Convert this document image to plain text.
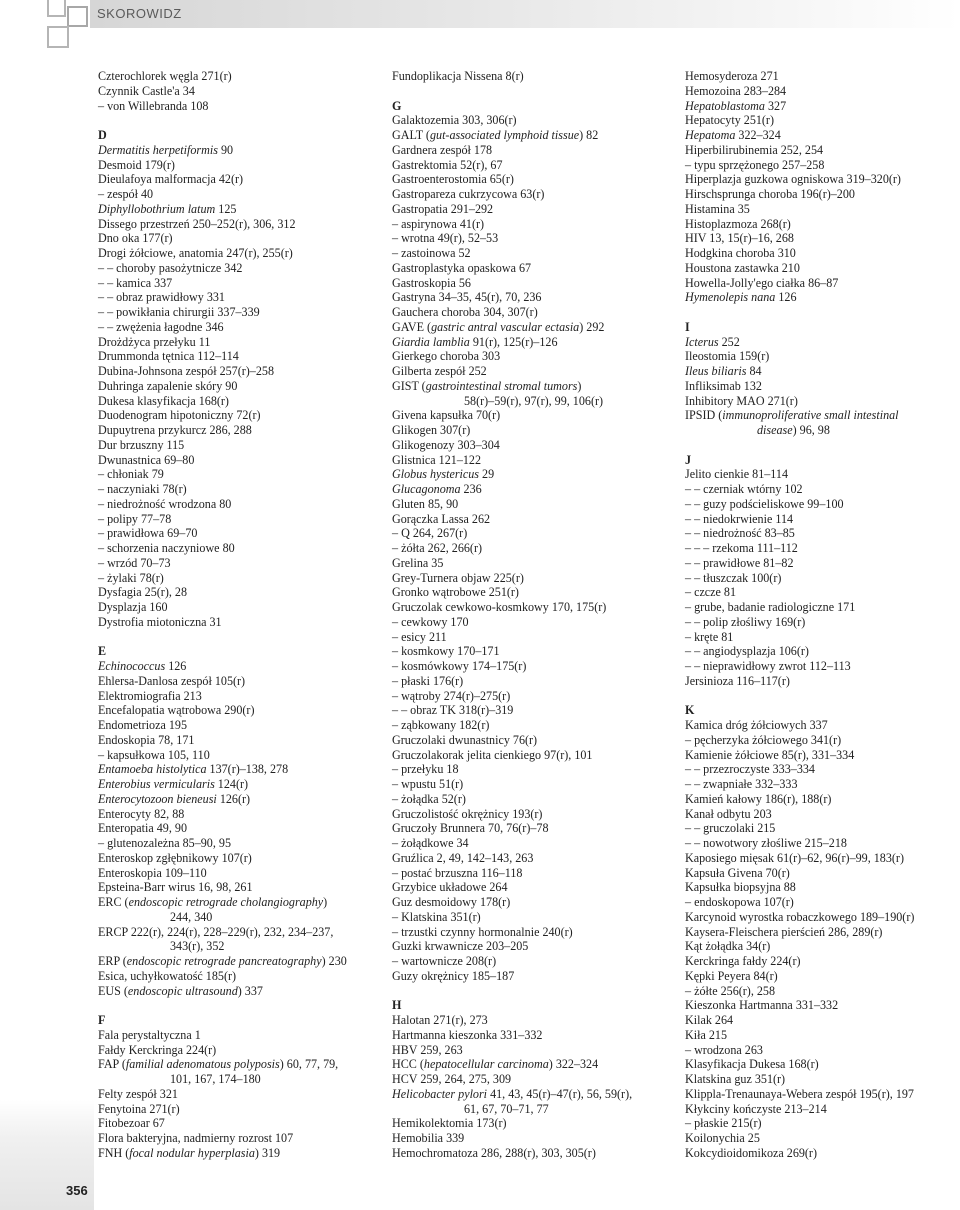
SKOROWIDZ
Czterochlorek węgla 271(r)
Czynnik Castle'a 34
– von Willebranda 108
D
Dermatitis herpetiformis 90
Desmoid 179(r)
Dieulafoya malformacja 42(r)
– zespół 40
Diphyllobothrium latum 125
Dissego przestrzeń 250–252(r), 306, 312
Dno oka 177(r)
Drogi żółciowe, anatomia 247(r), 255(r)
– – choroby pasożytnicze 342
– – kamica 337
– – obraz prawidłowy 331
– – powikłania chirurgii 337–339
– – zwężenia łagodne 346
Drożdżyca przełyku 11
Drummonda tętnica 112–114
Dubina-Johnsona zespół 257(r)–258
Duhringa zapalenie skóry 90
Dukesa klasyfikacja 168(r)
Duodenogram hipotoniczny 72(r)
Dupuytrena przykurcz 286, 288
Dur brzuszny 115
Dwunastnica 69–80
– chłoniak 79
– naczyniaki 78(r)
– niedrożność wrodzona 80
– polipy 77–78
– prawidłowa 69–70
– schorzenia naczyniowe 80
– wrzód 70–73
– żylaki 78(r)
Dysfagia 25(r), 28
Dysplazja 160
Dystrofia miotoniczna 31
E
Echinococcus 126
Ehlersa-Danlosa zespół 105(r)
Elektromiografia 213
Encefalopatia wątrobowa 290(r)
Endometrioza 195
Endoskopia 78, 171
– kapsułkowa 105, 110
Entamoeba histolytica 137(r)–138, 278
Enterobius vermicularis 124(r)
Enterocytozoon bieneusi 126(r)
Enterocyty 82, 88
Enteropatia 49, 90
– glutenozależna 85–90, 95
Enteroskop zgłębnikowy 107(r)
Enteroskopia 109–110
Epsteina-Barr wirus 16, 98, 261
ERC (endoscopic retrograde cholangiography)
244, 340
ERCP 222(r), 224(r), 228–229(r), 232, 234–237,
343(r), 352
ERP (endoscopic retrograde pancreatography) 230
Esica, uchyłkowatość 185(r)
EUS (endoscopic ultrasound) 337
F
Fala perystaltyczna 1
Fałdy Kerckringa 224(r)
FAP (familial adenomatous polyposis) 60, 77, 79,
101, 167, 174–180
Felty zespół 321
Fenytoina 271(r)
Fitobezoar 67
Flora bakteryjna, nadmierny rozrost 107
FNH (focal nodular hyperplasia) 319
Fundoplikacja Nissena 8(r)
G
Galaktozemia 303, 306(r)
GALT (gut-associated lymphoid tissue) 82
Gardnera zespół 178
Gastrektomia 52(r), 67
Gastroenterostomia 65(r)
Gastropareza cukrzycowa 63(r)
Gastropatia 291–292
– aspirynowa 41(r)
– wrotna 49(r), 52–53
– zastoinowa 52
Gastroplastyka opaskowa 67
Gastroskopia 56
Gastryna 34–35, 45(r), 70, 236
Gauchera choroba 304, 307(r)
GAVE (gastric antral vascular ectasia) 292
Giardia lamblia 91(r), 125(r)–126
Gierkego choroba 303
Gilberta zespół 252
GIST (gastrointestinal stromal tumors)
58(r)–59(r), 97(r), 99, 106(r)
Givena kapsułka 70(r)
Glikogen 307(r)
Glikogenozy 303–304
Glistnica 121–122
Globus hystericus 29
Glucagonoma 236
Gluten 85, 90
Gorączka Lassa 262
– Q 264, 267(r)
– żółta 262, 266(r)
Grelina 35
Grey-Turnera objaw 225(r)
Gronko wątrobowe 251(r)
Gruczolak cewkowo-kosmkowy 170, 175(r)
– cewkowy 170
– esicy 211
– kosmkowy 170–171
– kosmówkowy 174–175(r)
– płaski 176(r)
– wątroby 274(r)–275(r)
– – obraz TK 318(r)–319
– ząbkowany 182(r)
Gruczolaki dwunastnicy 76(r)
Gruczolakorak jelita cienkiego 97(r), 101
– przełyku 18
– wpustu 51(r)
– żołądka 52(r)
Gruczolistość okrężnicy 193(r)
Gruczoły Brunnera 70, 76(r)–78
– żołądkowe 34
Gruźlica 2, 49, 142–143, 263
– postać brzuszna 116–118
Grzybice układowe 264
Guz desmoidowy 178(r)
– Klatskina 351(r)
– trzustki czynny hormonalnie 240(r)
Guzki krwawnicze 203–205
– wartownicze 208(r)
Guzy okrężnicy 185–187
H
Halotan 271(r), 273
Hartmanna kieszonka 331–332
HBV 259, 263
HCC (hepatocellular carcinoma) 322–324
HCV 259, 264, 275, 309
Helicobacter pylori 41, 43, 45(r)–47(r), 56, 59(r),
61, 67, 70–71, 77
Hemikolektomia 173(r)
Hemobilia 339
Hemochromatoza 286, 288(r), 303, 305(r)
Hemosyderoza 271
Hemozoina 283–284
Hepatoblastoma 327
Hepatocyty 251(r)
Hepatoma 322–324
Hiperbilirubinemia 252, 254
– typu sprzężonego 257–258
Hiperplazja guzkowa ogniskowa 319–320(r)
Hirschsprunga choroba 196(r)–200
Histamina 35
Histoplazmoza 268(r)
HIV 13, 15(r)–16, 268
Hodgkina choroba 310
Houstona zastawka 210
Howella-Jolly'ego ciałka 86–87
Hymenolepis nana 126
I
Icterus 252
Ileostomia 159(r)
Ileus biliaris 84
Infliksimab 132
Inhibitory MAO 271(r)
IPSID (immunoproliferative small intestinal
disease) 96, 98
J
Jelito cienkie 81–114
– – czerniak wtórny 102
– – guzy podścieliskowe 99–100
– – niedokrwienie 114
– – niedrożność 83–85
– – – rzekoma 111–112
– – prawidłowe 81–82
– – tłuszczak 100(r)
– czcze 81
– grube, badanie radiologiczne 171
– – polip złośliwy 169(r)
– kręte 81
– – angiodysplazja 106(r)
– – nieprawidłowy zwrot 112–113
Jersinioza 116–117(r)
K
Kamica dróg żółciowych 337
– pęcherzyka żółciowego 341(r)
Kamienie żółciowe 85(r), 331–334
– – przezroczyste 333–334
– – zwapniałe 332–333
Kamień kałowy 186(r), 188(r)
Kanał odbytu 203
– – gruczolaki 215
– – nowotwory złośliwe 215–218
Kaposiego mięsak 61(r)–62, 96(r)–99, 183(r)
Kapsuła Givena 70(r)
Kapsułka biopsyjna 88
– endoskopowa 107(r)
Karcynoid wyrostka robaczkowego 189–190(r)
Kaysera-Fleischera pierścień 286, 289(r)
Kąt żołądka 34(r)
Kerckringa fałdy 224(r)
Kępki Peyera 84(r)
– żółte 256(r), 258
Kieszonka Hartmanna 331–332
Kilak 264
Kiła 215
– wrodzona 263
Klasyfikacja Dukesa 168(r)
Klatskina guz 351(r)
Klippla-Trenaunaya-Webera zespół 195(r), 197
Kłykciny kończyste 213–214
– płaskie 215(r)
Koilonychia 25
Kokcydioidomikoza 269(r)
356
